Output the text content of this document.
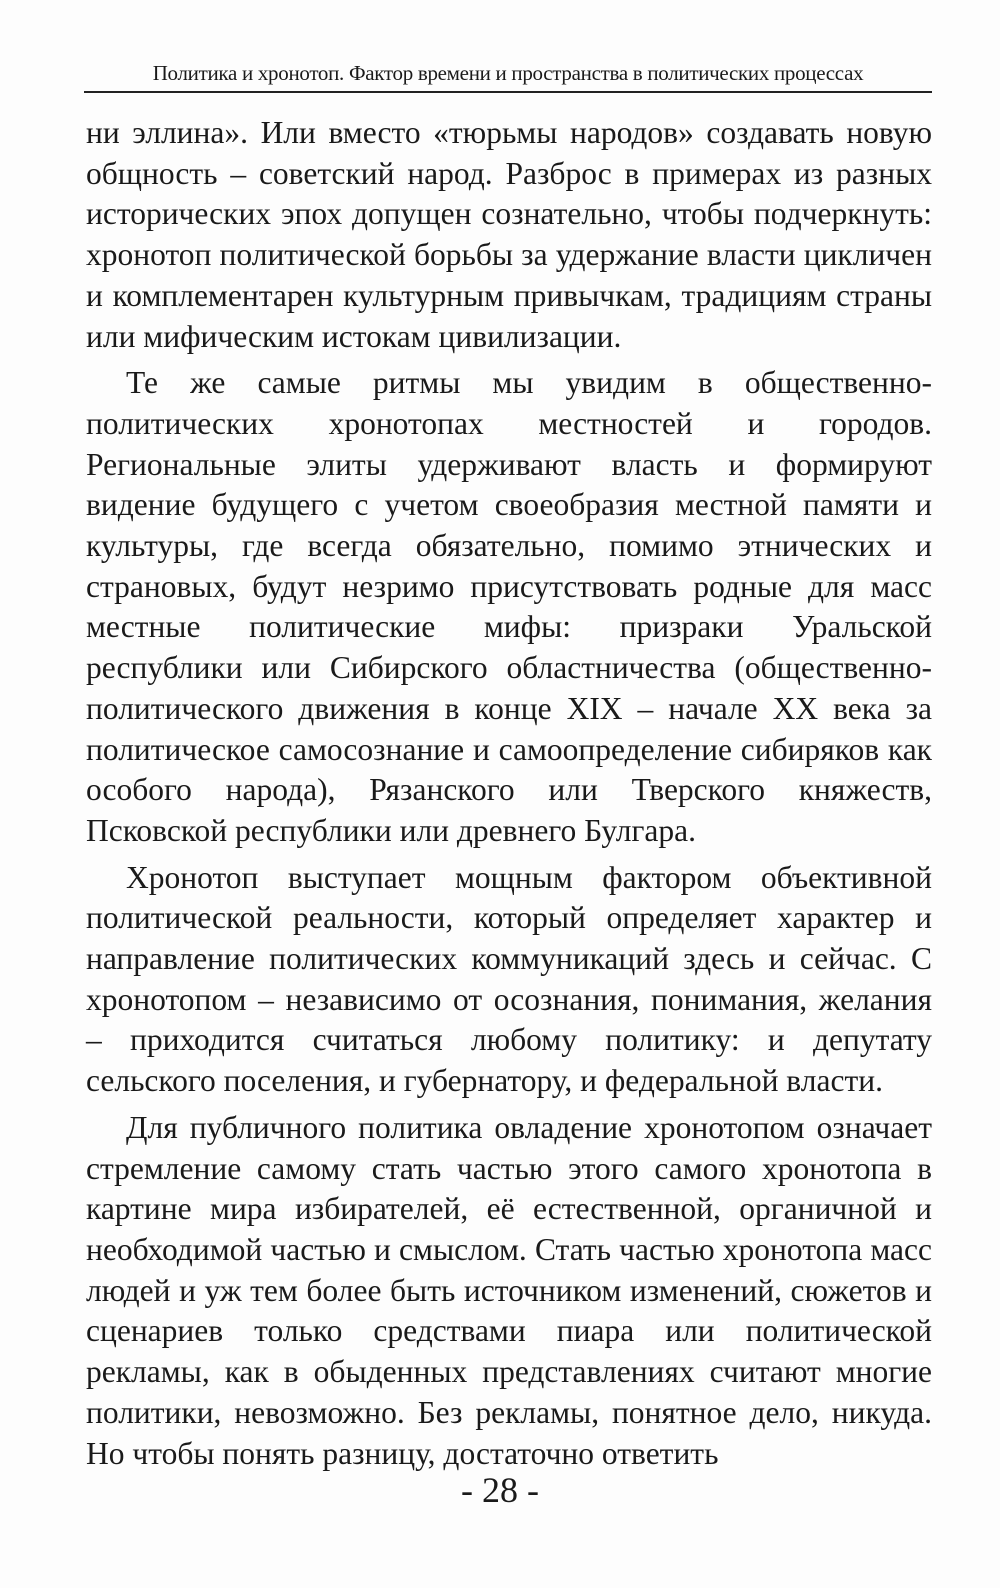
Политика и хронотоп. Фактор времени и пространства в политических процессах

ни эллина». Или вместо «тюрьмы народов» создавать новую общность – советский народ. Разброс в примерах из разных исторических эпох допущен сознательно, чтобы подчеркнуть: хронотоп политической борьбы за удержание власти цикличен и комплементарен культурным привычкам, традициям страны или мифическим истокам цивилизации.

Те же самые ритмы мы увидим в общественно-политических хронотопах местностей и городов. Региональные элиты удерживают власть и формируют видение будущего с учетом своеобразия местной памяти и культуры, где всегда обязательно, помимо этнических и страновых, будут незримо присутствовать родные для масс местные политические мифы: призраки Уральской республики или Сибирского областничества (общественно-политического движения в конце XIX – начале XX века за политическое самосознание и самоопределение сибиряков как особого народа), Рязанского или Тверского княжеств, Псковской республики или древнего Булгара.

Хронотоп выступает мощным фактором объективной политической реальности, который определяет характер и направление политических коммуникаций здесь и сейчас. С хронотопом – независимо от осознания, понимания, желания – приходится считаться любому политику: и депутату сельского поселения, и губернатору, и федеральной власти.

Для публичного политика овладение хронотопом означает стремление самому стать частью этого самого хронотопа в картине мира избирателей, её естественной, органичной и необходимой частью и смыслом. Стать частью хронотопа масс людей и уж тем более быть источником изменений, сюжетов и сценариев только средствами пиара или политической рекламы, как в обыденных представлениях считают многие политики, невозможно. Без рекламы, понятное дело, никуда. Но чтобы понять разницу, достаточно ответить

- 28 -
